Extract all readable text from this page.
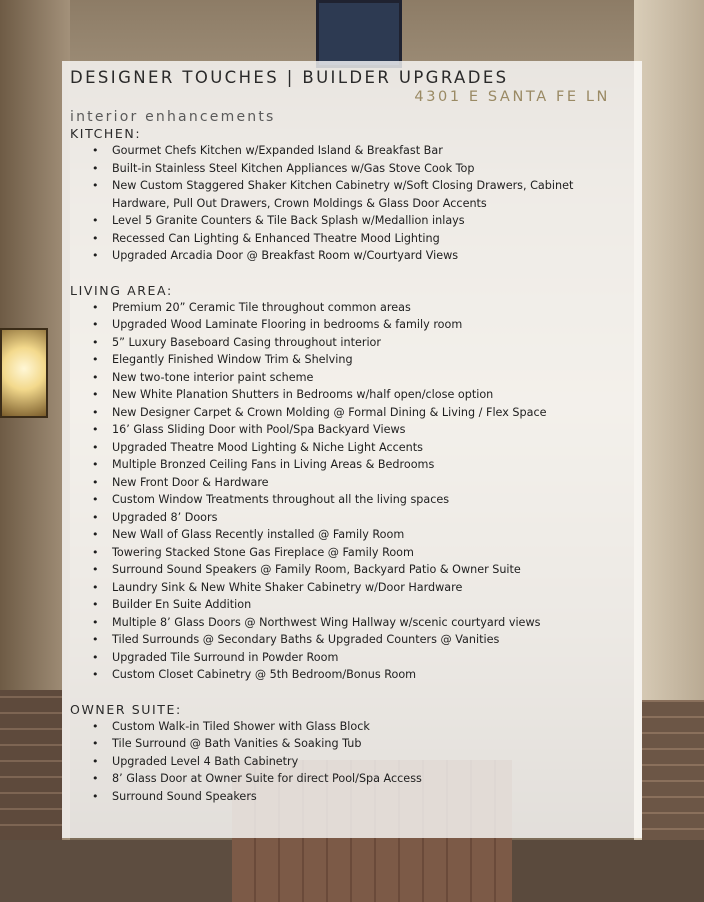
DESIGNER TOUCHES | BUILDER UPGRADES
4301 E SANTA FE LN
interior enhancements
KITCHEN:
• Gourmet Chefs Kitchen w/Expanded Island & Breakfast Bar
• Built-in Stainless Steel Kitchen Appliances w/Gas Stove Cook Top
• New Custom Staggered Shaker Kitchen Cabinetry w/Soft Closing Drawers, Cabinet Hardware, Pull Out Drawers, Crown Moldings & Glass Door Accents
• Level 5 Granite Counters & Tile Back Splash w/Medallion inlays
• Recessed Can Lighting & Enhanced Theatre Mood Lighting
• Upgraded Arcadia Door @ Breakfast Room w/Courtyard Views
LIVING AREA:
• Premium 20” Ceramic Tile throughout common areas
• Upgraded Wood Laminate Flooring in bedrooms & family room
• 5” Luxury Baseboard Casing throughout interior
• Elegantly Finished Window Trim & Shelving
• New two-tone interior paint scheme
• New White Planation Shutters in Bedrooms w/half open/close option
• New Designer Carpet & Crown Molding @ Formal Dining & Living / Flex Space
• 16’ Glass Sliding Door with Pool/Spa Backyard Views
• Upgraded Theatre Mood Lighting & Niche Light Accents
• Multiple Bronzed Ceiling Fans in Living Areas & Bedrooms
• New Front Door & Hardware
• Custom Window Treatments throughout all the living spaces
• Upgraded 8’ Doors
• New Wall of Glass Recently installed @ Family Room
• Towering Stacked Stone Gas Fireplace @ Family Room
• Surround Sound Speakers @ Family Room, Backyard Patio & Owner Suite
• Laundry Sink & New White Shaker Cabinetry w/Door Hardware
• Builder En Suite Addition
• Multiple 8’ Glass Doors @ Northwest Wing Hallway w/scenic courtyard views
• Tiled Surrounds @ Secondary Baths & Upgraded Counters @ Vanities
• Upgraded Tile Surround in Powder Room
• Custom Closet Cabinetry @ 5th Bedroom/Bonus Room
OWNER SUITE:
• Custom Walk-in Tiled Shower with Glass Block
• Tile Surround @ Bath Vanities & Soaking Tub
• Upgraded Level 4 Bath Cabinetry
• 8’ Glass Door at Owner Suite for direct Pool/Spa Access
• Surround Sound Speakers
